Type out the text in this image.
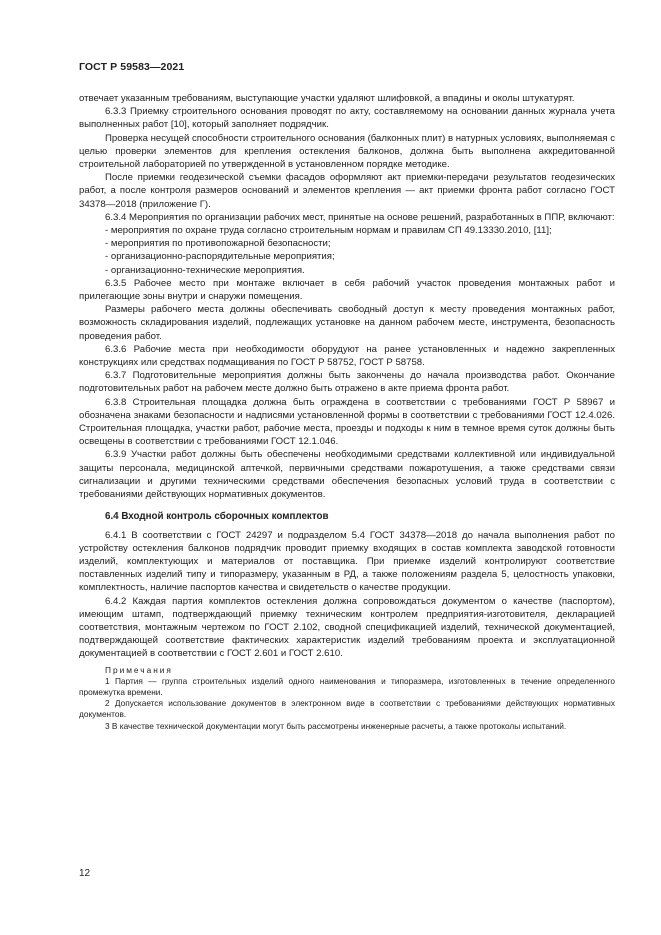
ГОСТ Р 59583—2021

отвечает указанным требованиям, выступающие участки удаляют шлифовкой, а впадины и околы штукатурят.

6.3.3 Приемку строительного основания проводят по акту, составляемому на основании данных журнала учета выполненных работ [10], который заполняет подрядчик.

Проверка несущей способности строительного основания (балконных плит) в натурных условиях, выполняемая с целью проверки элементов для крепления остекления балконов, должна быть выполнена аккредитованной строительной лабораторией по утвержденной в установленном порядке методике.

После приемки геодезической съемки фасадов оформляют акт приемки-передачи результатов геодезических работ, а после контроля размеров оснований и элементов крепления — акт приемки фронта работ согласно ГОСТ 34378—2018 (приложение Г).

6.3.4 Мероприятия по организации рабочих мест, принятые на основе решений, разработанных в ППР, включают:

- мероприятия по охране труда согласно строительным нормам и правилам СП 49.13330.2010, [11];

- мероприятия по противопожарной безопасности;

- организационно-распорядительные мероприятия;

- организационно-технические мероприятия.

6.3.5 Рабочее место при монтаже включает в себя рабочий участок проведения монтажных работ и прилегающие зоны внутри и снаружи помещения.

Размеры рабочего места должны обеспечивать свободный доступ к месту проведения монтажных работ, возможность складирования изделий, подлежащих установке на данном рабочем месте, инструмента, безопасность проведения работ.

6.3.6 Рабочие места при необходимости оборудуют на ранее установленных и надежно закрепленных конструкциях или средствах подмащивания по ГОСТ Р 58752, ГОСТ Р 58758.

6.3.7 Подготовительные мероприятия должны быть закончены до начала производства работ. Окончание подготовительных работ на рабочем месте должно быть отражено в акте приема фронта работ.

6.3.8 Строительная площадка должна быть ограждена в соответствии с требованиями ГОСТ Р 58967 и обозначена знаками безопасности и надписями установленной формы в соответствии с требованиями ГОСТ 12.4.026. Строительная площадка, участки работ, рабочие места, проезды и подходы к ним в темное время суток должны быть освещены в соответствии с требованиями ГОСТ 12.1.046.

6.3.9 Участки работ должны быть обеспечены необходимыми средствами коллективной или индивидуальной защиты персонала, медицинской аптечкой, первичными средствами пожаротушения, а также средствами связи сигнализации и другими техническими средствами обеспечения безопасных условий труда в соответствии с требованиями действующих нормативных документов.

6.4 Входной контроль сборочных комплектов

6.4.1 В соответствии с ГОСТ 24297 и подразделом 5.4 ГОСТ 34378—2018 до начала выполнения работ по устройству остекления балконов подрядчик проводит приемку входящих в состав комплекта заводской готовности изделий, комплектующих и материалов от поставщика. При приемке изделий контролируют соответствие поставленных изделий типу и типоразмеру, указанным в РД, а также положениям раздела 5, целостность упаковки, комплектность, наличие паспортов качества и свидетельств о качестве продукции.

6.4.2 Каждая партия комплектов остекления должна сопровождаться документом о качестве (паспортом), имеющим штамп, подтверждающий приемку техническим контролем предприятия-изготовителя, декларацией соответствия, монтажным чертежом по ГОСТ 2.102, сводной спецификацией изделий, технической документацией, подтверждающей соответствие фактических характеристик изделий требованиям проекта и эксплуатационной документацией в соответствии с ГОСТ 2.601 и ГОСТ 2.610.

Примечания

1 Партия — группа строительных изделий одного наименования и типоразмера, изготовленных в течение определенного промежутка времени.

2 Допускается использование документов в электронном виде в соответствии с требованиями действующих нормативных документов.

3 В качестве технической документации могут быть рассмотрены инженерные расчеты, а также протоколы испытаний.

12
